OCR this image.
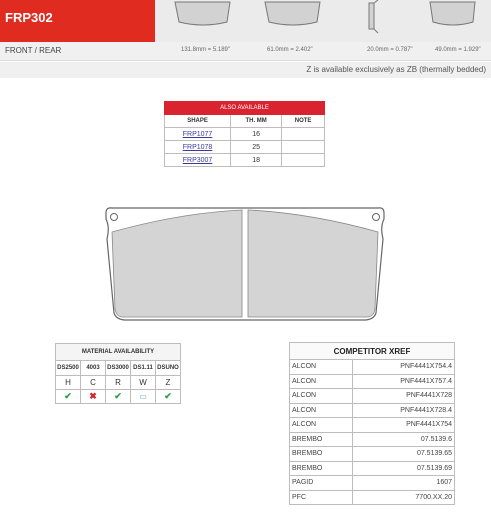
FRP302
FRONT / REAR	131.8mm = 5.189"	61.0mm = 2.402"	20.0mm = 0.787"	49.0mm = 1.929"
Z is available exclusively as ZB (thermally bedded)
ALSO AVAILABLE		
SHAPE	TH. MM	NOTE
FRP1077	16	
FRP1078	25	
FRP3007	18	
MATERIAL AVAILABILITY				
DS2500	4003	DS3000	DS1.11	DSUNO
H	C	R	W	Z
✔	✖	✔	▭	✔
COMPETITOR XREF	
ALCON	PNF4441X754.4
ALCON	PNF4441X757.4
ALCON	PNF4441X728
ALCON	PNF4441X728.4
ALCON	PNF4441X754
BREMBO	07.5139.6
BREMBO	07.5139.65
BREMBO	07.5139.69
PAGID	1607
PFC	7700.XX.20
